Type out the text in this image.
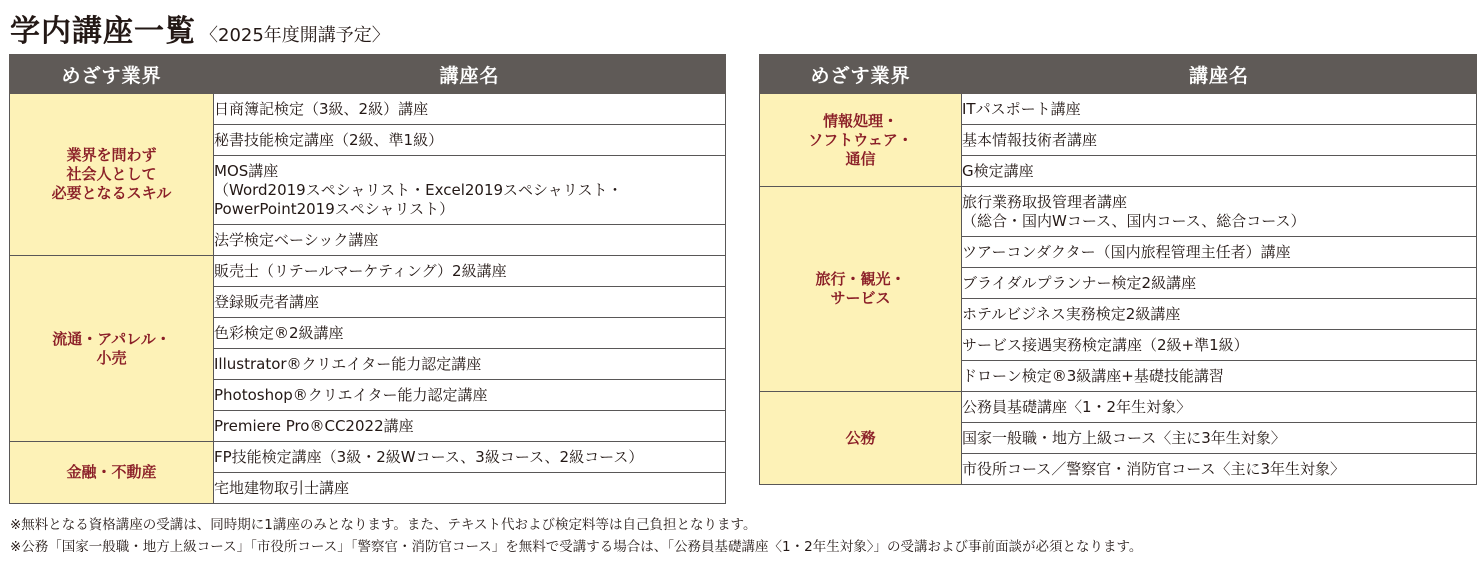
学内講座一覧 〈2025年度開講予定〉
めざす業界	講座名

業界を問わず
社会人として
必要となるスキル	日商簿記検定（3級、2級）講座

	秘書技能検定講座（2級、準1級）

	MOS講座
（Word2019スペシャリスト・Excel2019スペシャリスト・
PowerPoint2019スペシャリスト）

	法学検定ベーシック講座

流通・アパレル・
小売	販売士（リテールマーケティング）2級講座

	登録販売者講座

	色彩検定®2級講座

	Illustrator®クリエイター能力認定講座

	Photoshop®クリエイター能力認定講座

	Premiere Pro®CC2022講座

金融・不動産	FP技能検定講座（3級・2級Wコース、3級コース、2級コース）

	宅地建物取引士講座
めざす業界	講座名

情報処理・
ソフトウェア・
通信	ITパスポート講座

	基本情報技術者講座

	G検定講座

旅行・観光・
サービス	旅行業務取扱管理者講座
（総合・国内Wコース、国内コース、総合コース）

	ツアーコンダクター（国内旅程管理主任者）講座

	ブライダルプランナー検定2級講座

	ホテルビジネス実務検定2級講座

	サービス接遇実務検定講座（2級+準1級）

	ドローン検定®3級講座+基礎技能講習

公務	公務員基礎講座〈1・2年生対象〉

	国家一般職・地方上級コース〈主に3年生対象〉

	市役所コース／警察官・消防官コース〈主に3年生対象〉
※無料となる資格講座の受講は、同時期に1講座のみとなります。また、テキスト代および検定料等は自己負担となります。
※公務「国家一般職・地方上級コース」「市役所コース」「警察官・消防官コース」を無料で受講する場合は、「公務員基礎講座〈1・2年生対象〉」の受講および事前面談が必須となります。
